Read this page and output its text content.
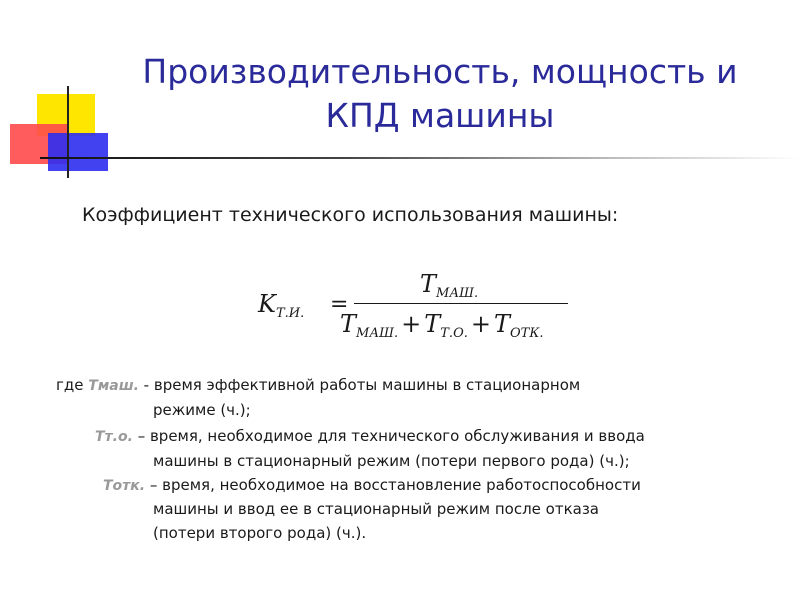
Производительность, мощность и
КПД машины
Коэффициент технического использования машины:
$K_{Т.И.}$ =
$T_{МАШ.}$
$T_{МАШ.} + T_{Т.О.} + T_{ОТК.}$
где Тмаш. - время эффективной работы машины в стационарном
режиме (ч.);
Тт.о. – время, необходимое для технического обслуживания и ввода
машины в стационарный режим (потери первого рода) (ч.);
Тотк. – время, необходимое на восстановление работоспособности
машины и ввод ее в стационарный режим после отказа
(потери второго рода) (ч.).
